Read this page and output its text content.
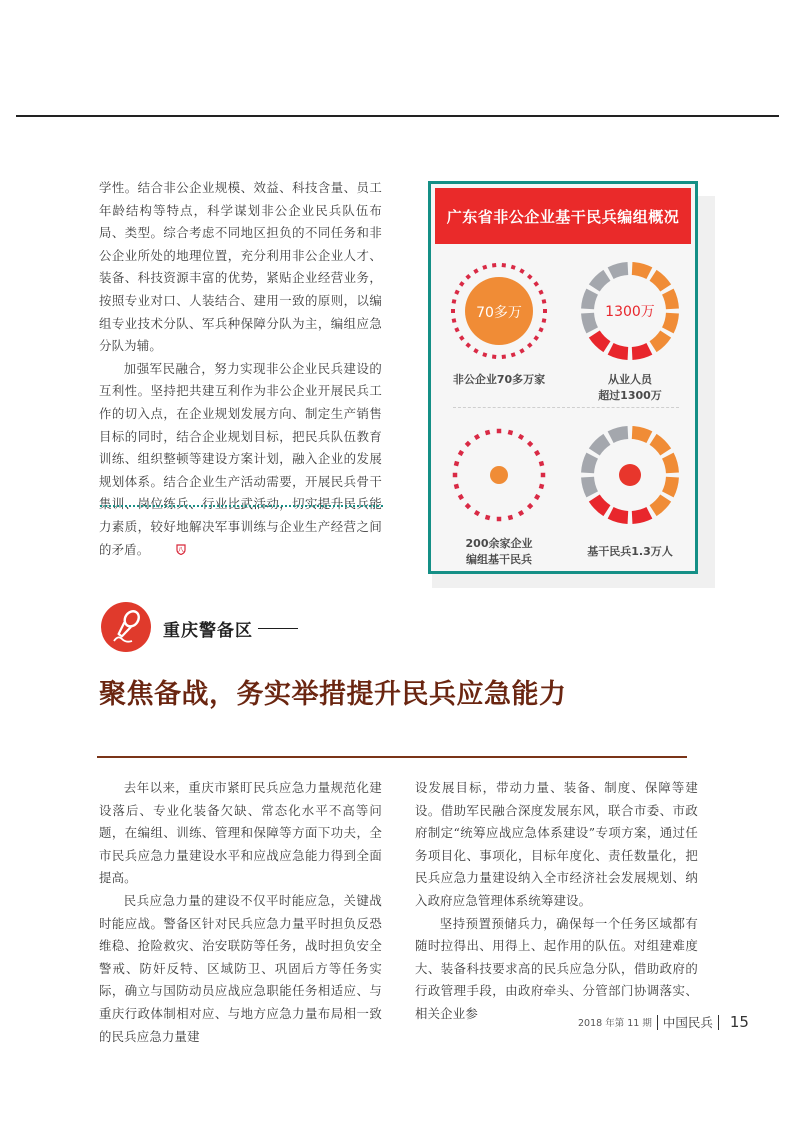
学性。结合非公企业规模、效益、科技含量、员工年龄结构等特点，科学谋划非公企业民兵队伍布局、类型。综合考虑不同地区担负的不同任务和非公企业所处的地理位置，充分利用非公企业人才、装备、科技资源丰富的优势，紧贴企业经营业务，按照专业对口、人装结合、建用一致的原则，以编组专业技术分队、军兵种保障分队为主，编组应急分队为辅。

加强军民融合，努力实现非公企业民兵建设的互利性。坚持把共建互利作为非公企业开展民兵工作的切入点，在企业规划发展方向、制定生产销售目标的同时，结合企业规划目标，把民兵队伍教育训练、组织整顿等建设方案计划，融入企业的发展规划体系。结合企业生产活动需要，开展民兵骨干集训、岗位练兵、行业比武活动，切实提升民兵能力素质，较好地解决军事训练与企业生产经营之间的矛盾。	八

广东省非公企业基干民兵编组概况
70多万
非公企业70多万家
1300万
从业人员
超过1300万
200余家企业
编组基干民兵
基干民兵1.3万人
重庆警备区
聚焦备战，务实举措提升民兵应急能力

去年以来，重庆市紧盯民兵应急力量规范化建设落后、专业化装备欠缺、常态化水平不高等问题，在编组、训练、管理和保障等方面下功夫，全市民兵应急力量建设水平和应战应急能力得到全面提高。

民兵应急力量的建设不仅平时能应急，关键战时能应战。警备区针对民兵应急力量平时担负反恐维稳、抢险救灾、治安联防等任务，战时担负安全警戒、防奸反特、区域防卫、巩固后方等任务实际，确立与国防动员应战应急职能任务相适应、与重庆行政体制相对应、与地方应急力量布局相一致的民兵应急力量建

设发展目标，带动力量、装备、制度、保障等建设。借助军民融合深度发展东风，联合市委、市政府制定“统筹应战应急体系建设”专项方案，通过任务项目化、事项化，目标年度化、责任数量化，把民兵应急力量建设纳入全市经济社会发展规划、纳入政府应急管理体系统筹建设。

坚持预置预储兵力，确保每一个任务区域都有随时拉得出、用得上、起作用的队伍。对组建难度大、装备科技要求高的民兵应急分队，借助政府的行政管理手段，由政府牵头、分管部门协调落实、相关企业参

2018 年第 11 期 中国民兵 15
